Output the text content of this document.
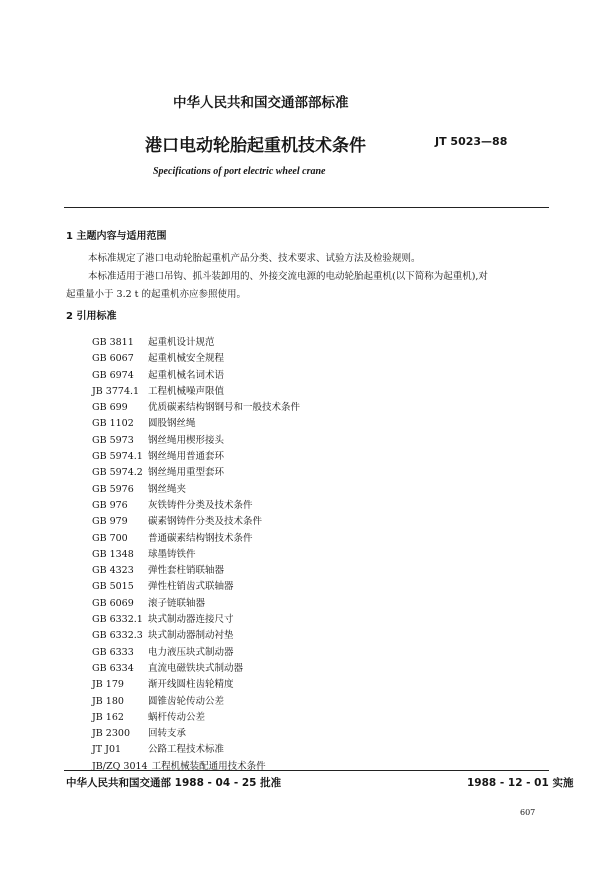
中华人民共和国交通部部标准
港口电动轮胎起重机技术条件	JT 5023—88
Specifications of port electric wheel crane
1 主题内容与适用范围
本标准规定了港口电动轮胎起重机产品分类、技术要求、试验方法及检验规则。
本标准适用于港口吊钩、抓斗装卸用的、外接交流电源的电动轮胎起重机(以下简称为起重机),对
起重量小于 3.2 t 的起重机亦应参照使用。
2 引用标准
GB 3811 起重机设计规范
GB 6067 起重机械安全规程
GB 6974 起重机械名词术语
JB 3774.1 工程机械噪声限值
GB 699 优质碳素结构钢钢号和一般技术条件
GB 1102 圆股钢丝绳
GB 5973 钢丝绳用楔形接头
GB 5974.1 钢丝绳用普通套环
GB 5974.2 钢丝绳用重型套环
GB 5976 钢丝绳夹
GB 976 灰铁铸件分类及技术条件
GB 979 碳素钢铸件分类及技术条件
GB 700 普通碳素结构钢技术条件
GB 1348 球墨铸铁件
GB 4323 弹性套柱销联轴器
GB 5015 弹性柱销齿式联轴器
GB 6069 滚子链联轴器
GB 6332.1 块式制动器连接尺寸
GB 6332.3 块式制动器制动衬垫
GB 6333 电力液压块式制动器
GB 6334 直流电磁铁块式制动器
JB 179	渐开线圆柱齿轮精度
JB 180	圆锥齿轮传动公差
JB 162	蜗杆传动公差
JB 2300 回转支承
JT J01	公路工程技术标准
JB/ZQ 3014 工程机械装配通用技术条件
中华人民共和国交通部 1988 - 04 - 25 批准	1988 - 12 - 01 实施
607
